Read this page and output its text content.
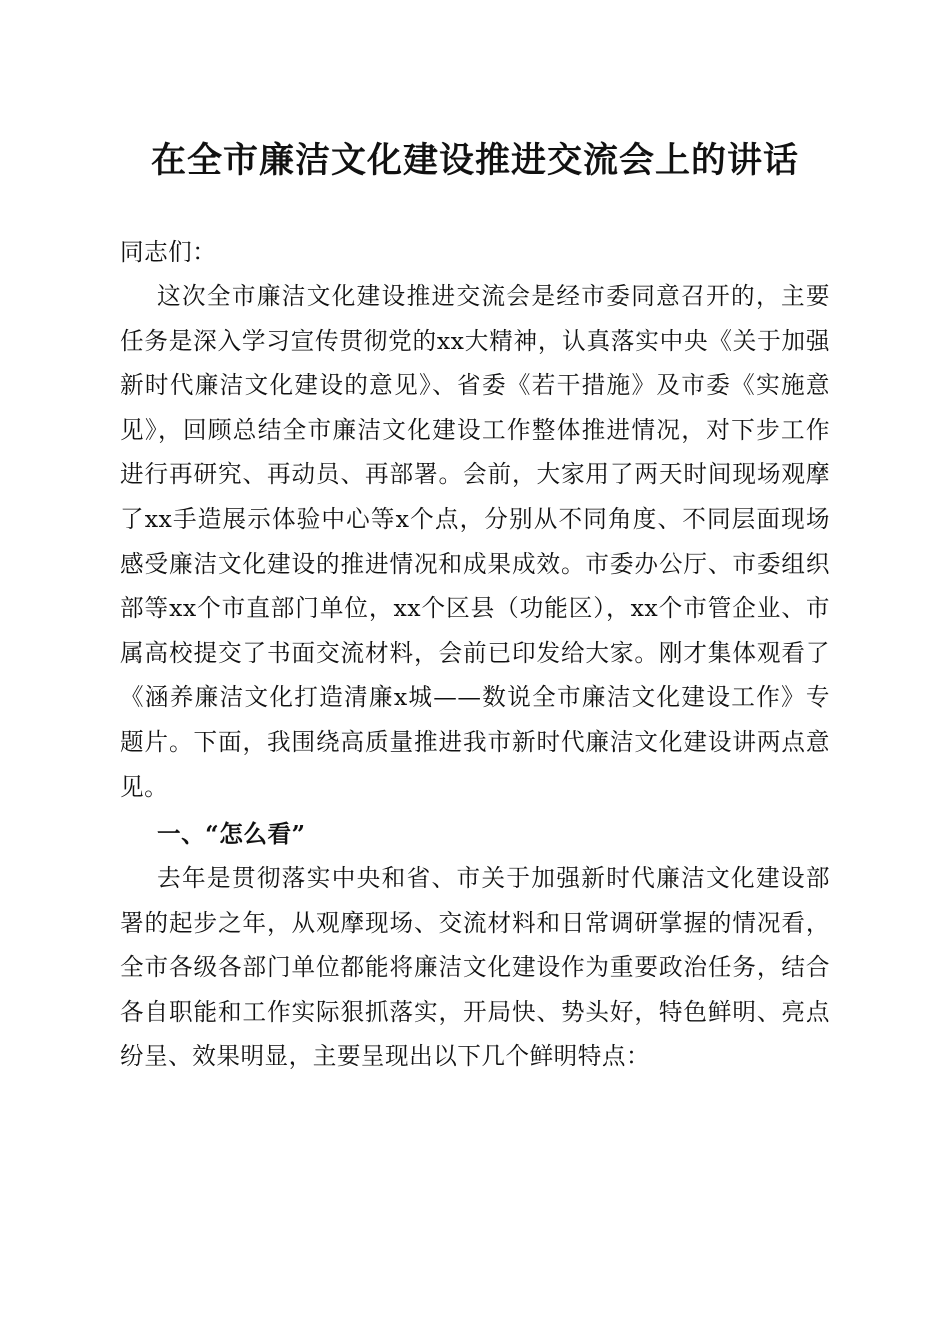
在全市廉洁文化建设推进交流会上的讲话

同志们：

这次全市廉洁文化建设推进交流会是经市委同意召开的，主要任务是深入学习宣传贯彻党的xx大精神，认真落实中央《关于加强新时代廉洁文化建设的意见》、省委《若干措施》及市委《实施意见》，回顾总结全市廉洁文化建设工作整体推进情况，对下步工作进行再研究、再动员、再部署。会前，大家用了两天时间现场观摩了xx手造展示体验中心等x个点，分别从不同角度、不同层面现场感受廉洁文化建设的推进情况和成果成效。市委办公厅、市委组织部等xx个市直部门单位，xx个区县（功能区），xx个市管企业、市属高校提交了书面交流材料，会前已印发给大家。刚才集体观看了《涵养廉洁文化打造清廉x城——数说全市廉洁文化建设工作》专题片。下面，我围绕高质量推进我市新时代廉洁文化建设讲两点意见。

一、“怎么看”

去年是贯彻落实中央和省、市关于加强新时代廉洁文化建设部署的起步之年，从观摩现场、交流材料和日常调研掌握的情况看，全市各级各部门单位都能将廉洁文化建设作为重要政治任务，结合各自职能和工作实际狠抓落实，开局快、势头好，特色鲜明、亮点纷呈、效果明显，主要呈现出以下几个鲜明特点：
